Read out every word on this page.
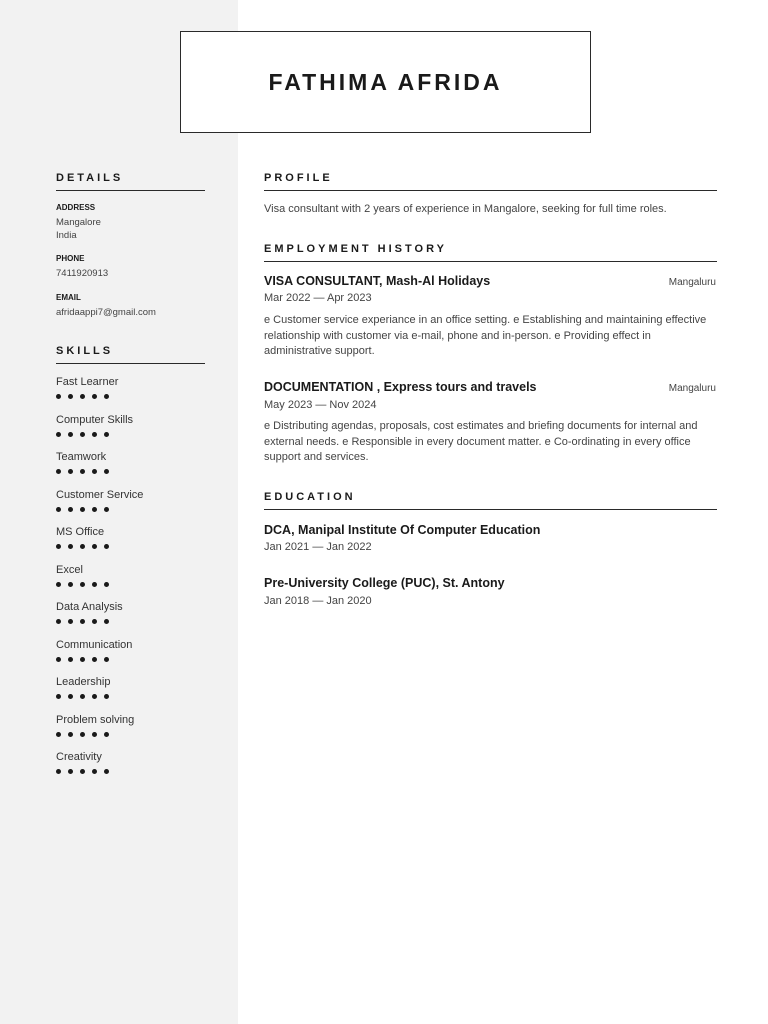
FATHIMA AFRIDA
DETAILS
ADDRESS
Mangalore
India
PHONE
7411920913
EMAIL
afridaappi7@gmail.com
SKILLS
Fast Learner
Computer Skills
Teamwork
Customer Service
MS Office
Excel
Data Analysis
Communication
Leadership
Problem solving
Creativity
PROFILE
Visa consultant with 2 years of experience in Mangalore, seeking for full time roles.
EMPLOYMENT HISTORY
VISA CONSULTANT, Mash-Al Holidays	Mangaluru
Mar 2022 — Apr 2023
e Customer service experiance in an office setting. e Establishing and maintaining effective relationship with customer via e-mail, phone and in-person. e Providing effect in administrative support.
DOCUMENTATION , Express tours and travels	Mangaluru
May 2023 — Nov 2024
e Distributing agendas, proposals, cost estimates and briefing documents for internal and external needs. e Responsible in every document matter. e Co-ordinating in every office support and services.
EDUCATION
DCA, Manipal Institute Of Computer Education
Jan 2021 — Jan 2022
Pre-University College (PUC), St. Antony
Jan 2018 — Jan 2020
